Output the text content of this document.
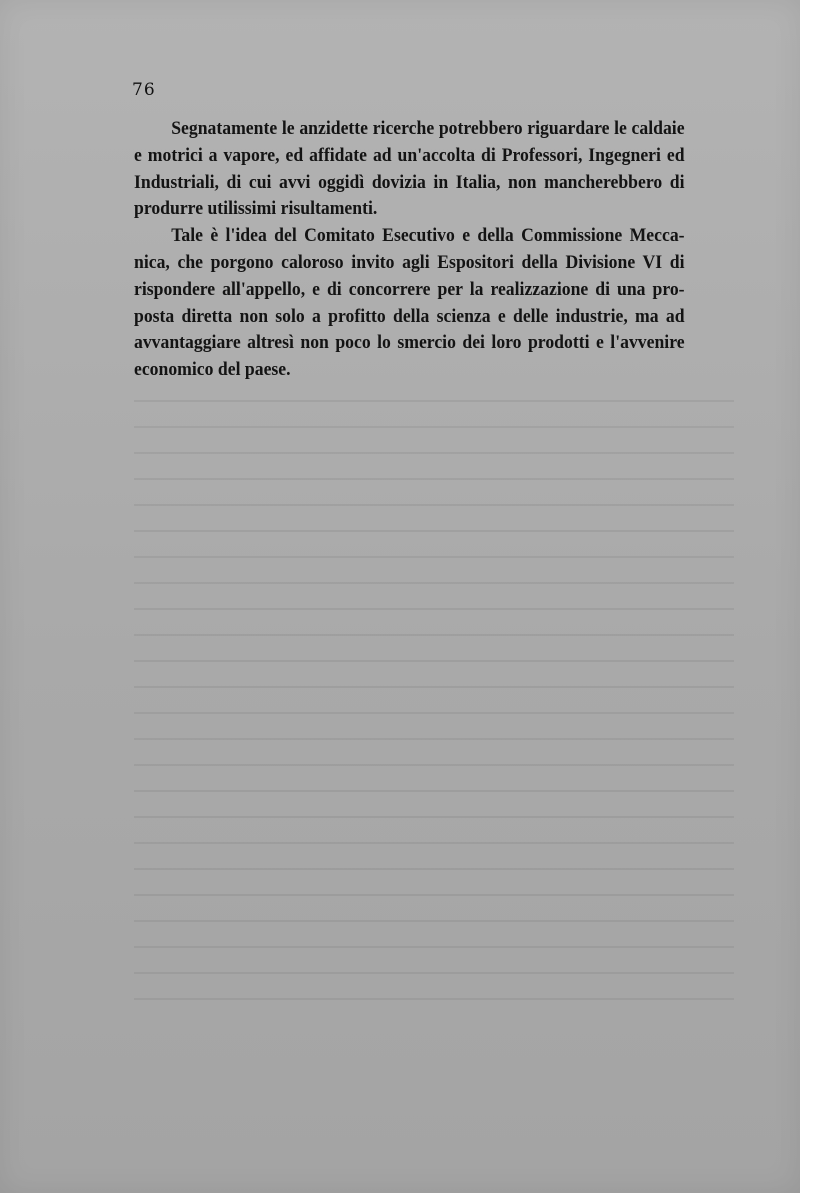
76
Segnatamente le anzidette ricerche potrebbero riguardare le caldaie
e motrici a vapore, ed affidate ad un'accolta di Professori, Ingegneri ed
Industriali, di cui avvi oggidì dovizia in Italia, non mancherebbero di
produrre utilissimi risultamenti.
Tale è l'idea del Comitato Esecutivo e della Commissione Mecca-
nica, che porgono caloroso invito agli Espositori della Divisione VI di
rispondere all'appello, e di concorrere per la realizzazione di una pro-
posta diretta non solo a profitto della scienza e delle industrie, ma ad
avvantaggiare altresì non poco lo smercio dei loro prodotti e l'avvenire
economico del paese.
